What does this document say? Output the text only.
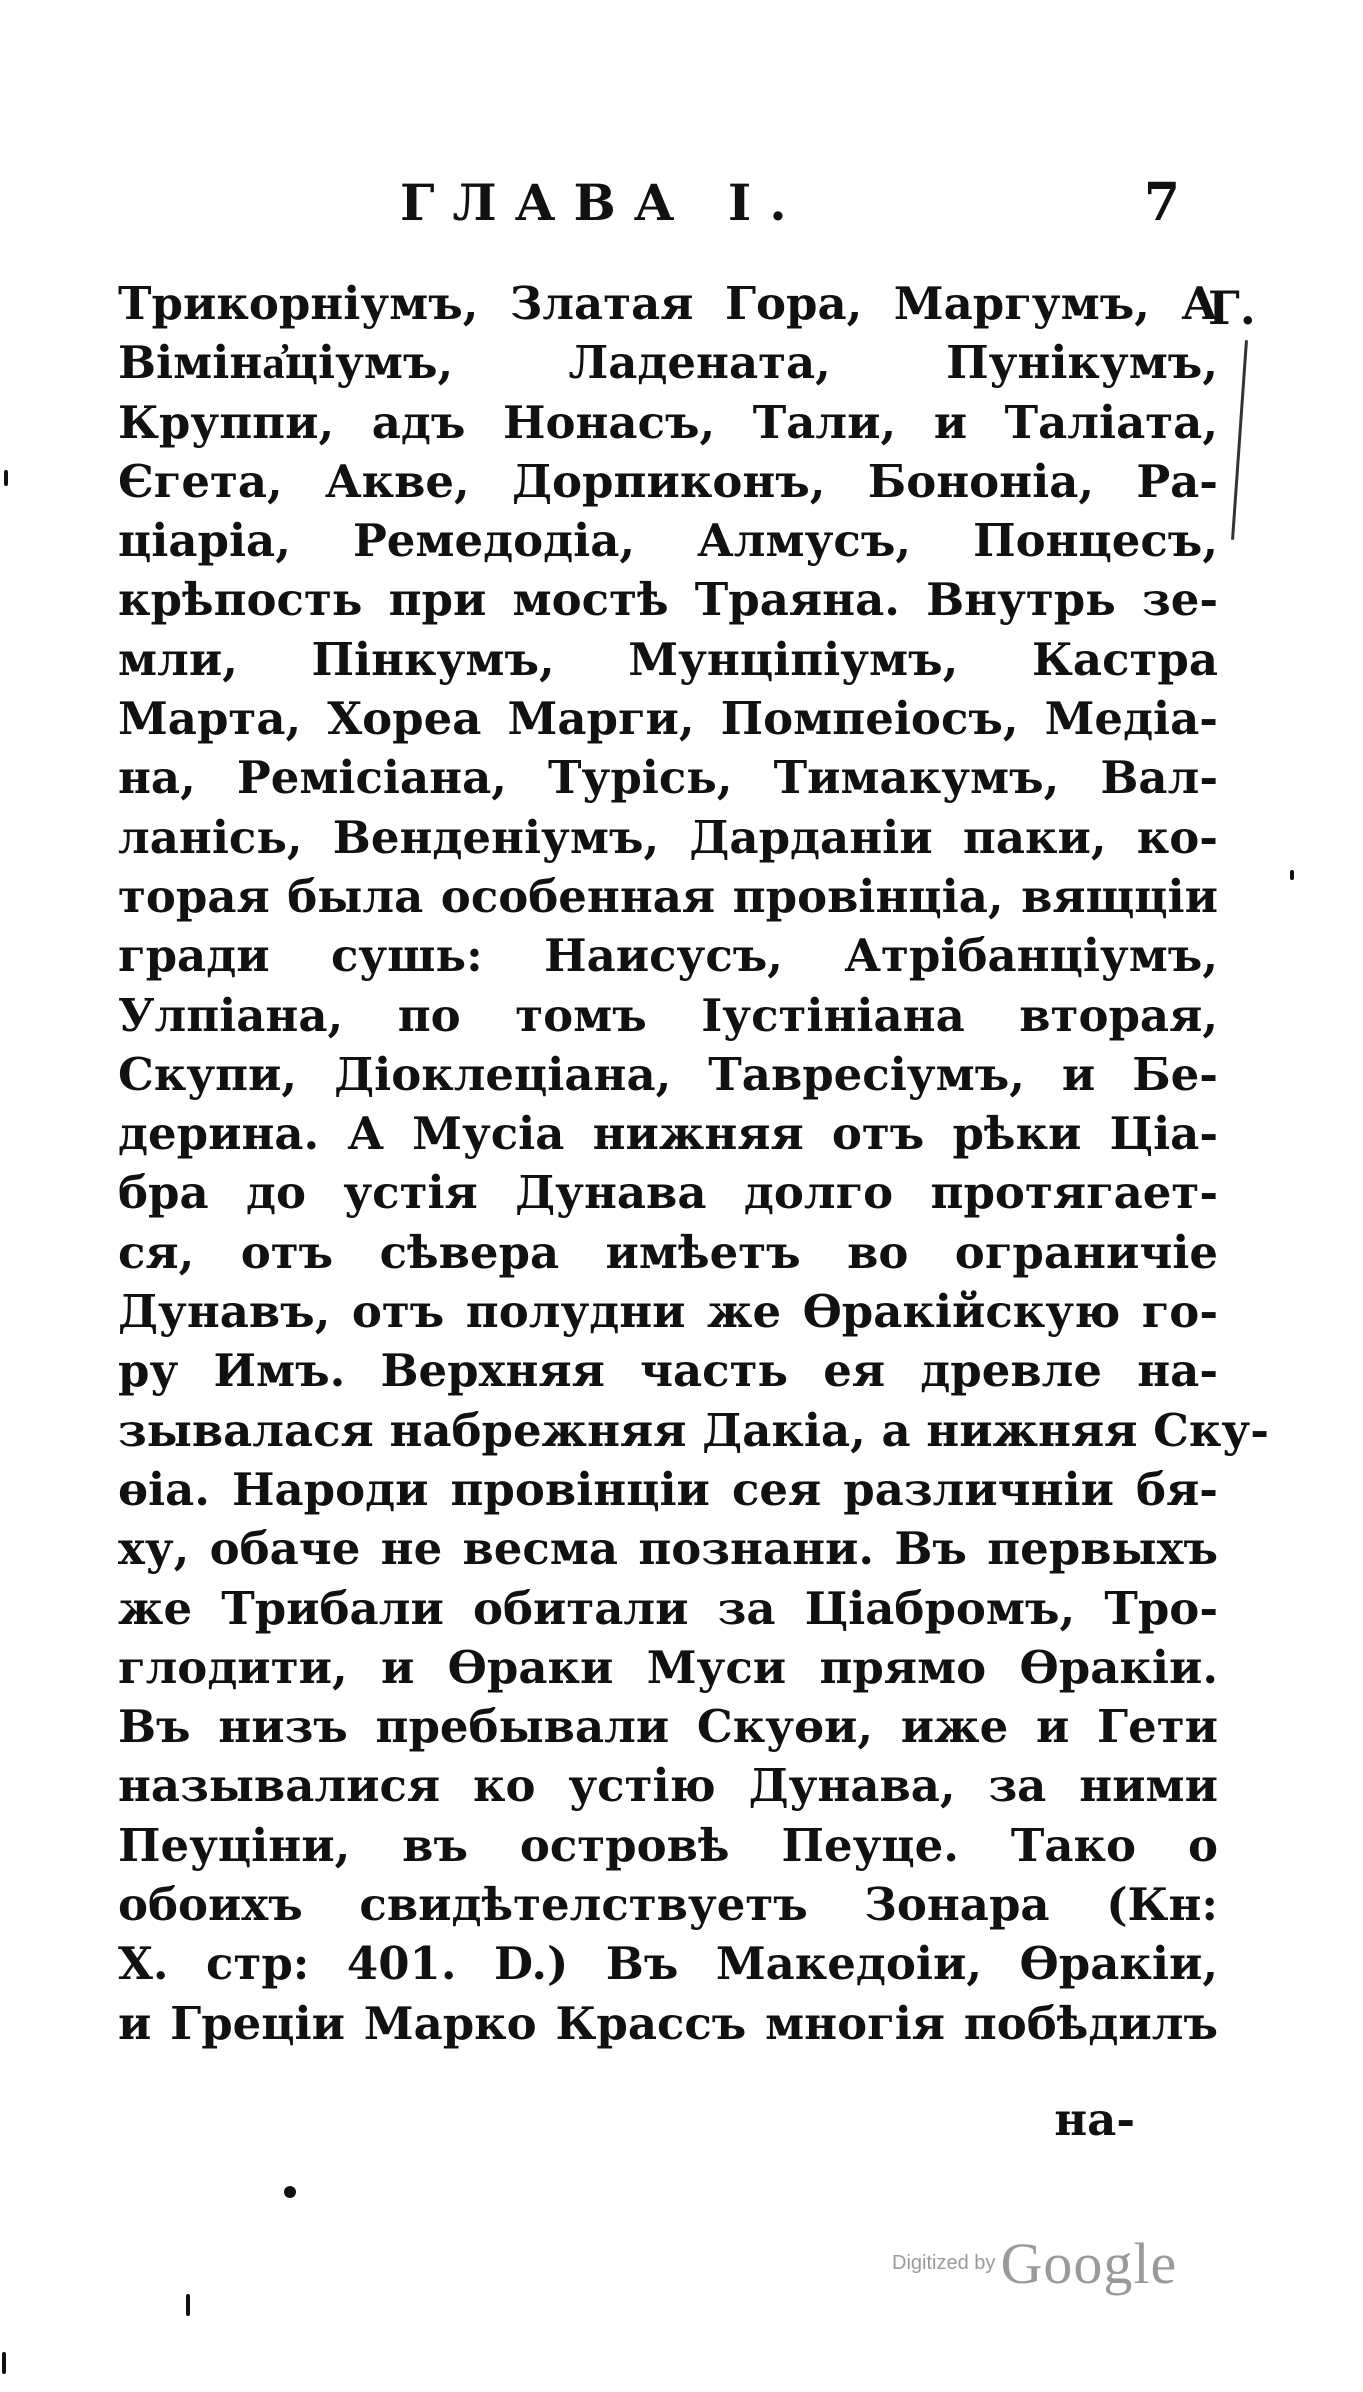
ГЛАВА І.	7
Г.
Трикорніумъ, Златая Гора, Маргумъ, А
Віміна҆ціумъ, Ладената, Пунікумъ,
Круппи, адъ Нонасъ, Тали, и Таліата,
Єгета, Акве, Дорпиконъ, Бононіа, Ра-
ціаріа, Ремедодіа, Алмусъ, Понцесъ,
крѣпость при мостѣ Траяна. Внутрь зе-
мли, Пінкумъ, Мунціпіумъ, Кастра
Марта, Хореа Марги, Помпеіосъ, Медіа-
на, Ремісіана, Турісь, Тимакумъ, Вал-
ланісь, Венденіумъ, Дарданіи паки, ко-
торая была особенная провінціа, вящціи
гради сушь: Наисусъ, Атрібанціумъ,
Улпіана, по томъ Іустініана вторая,
Скупи, Діоклеціана, Тавресіумъ, и Бе-
дерина. А Мусіа нижняя отъ рѣки Ціа-
бра до устія Дунава долго протягает-
ся, отъ сѣвера имѣетъ во ограничіе
Дунавъ, отъ полудни же Өракійскую го-
ру Имъ. Верхняя часть ея древле на-
зывалася набрежняя Дакіа, а нижняя Ску-
өіа. Народи провінціи сея различніи бя-
ху, обаче не весма познани. Въ первыхъ
же Трибали обитали за Ціабромъ, Тро-
глодити, и Өраки Муси прямо Өракіи.
Въ низъ пребывали Скуөи, иже и Гети
называлися ко устію Дунава, за ними
Пеуціни, въ островѣ Пеуце. Тако о
обоихъ свидѣтелствуетъ Зонара (Кн:
X. стр: 401. D.) Въ Македоіи, Өракіи,
и Греціи Марко Крассъ многія побѣдилъ
на-
Digitized by Google
